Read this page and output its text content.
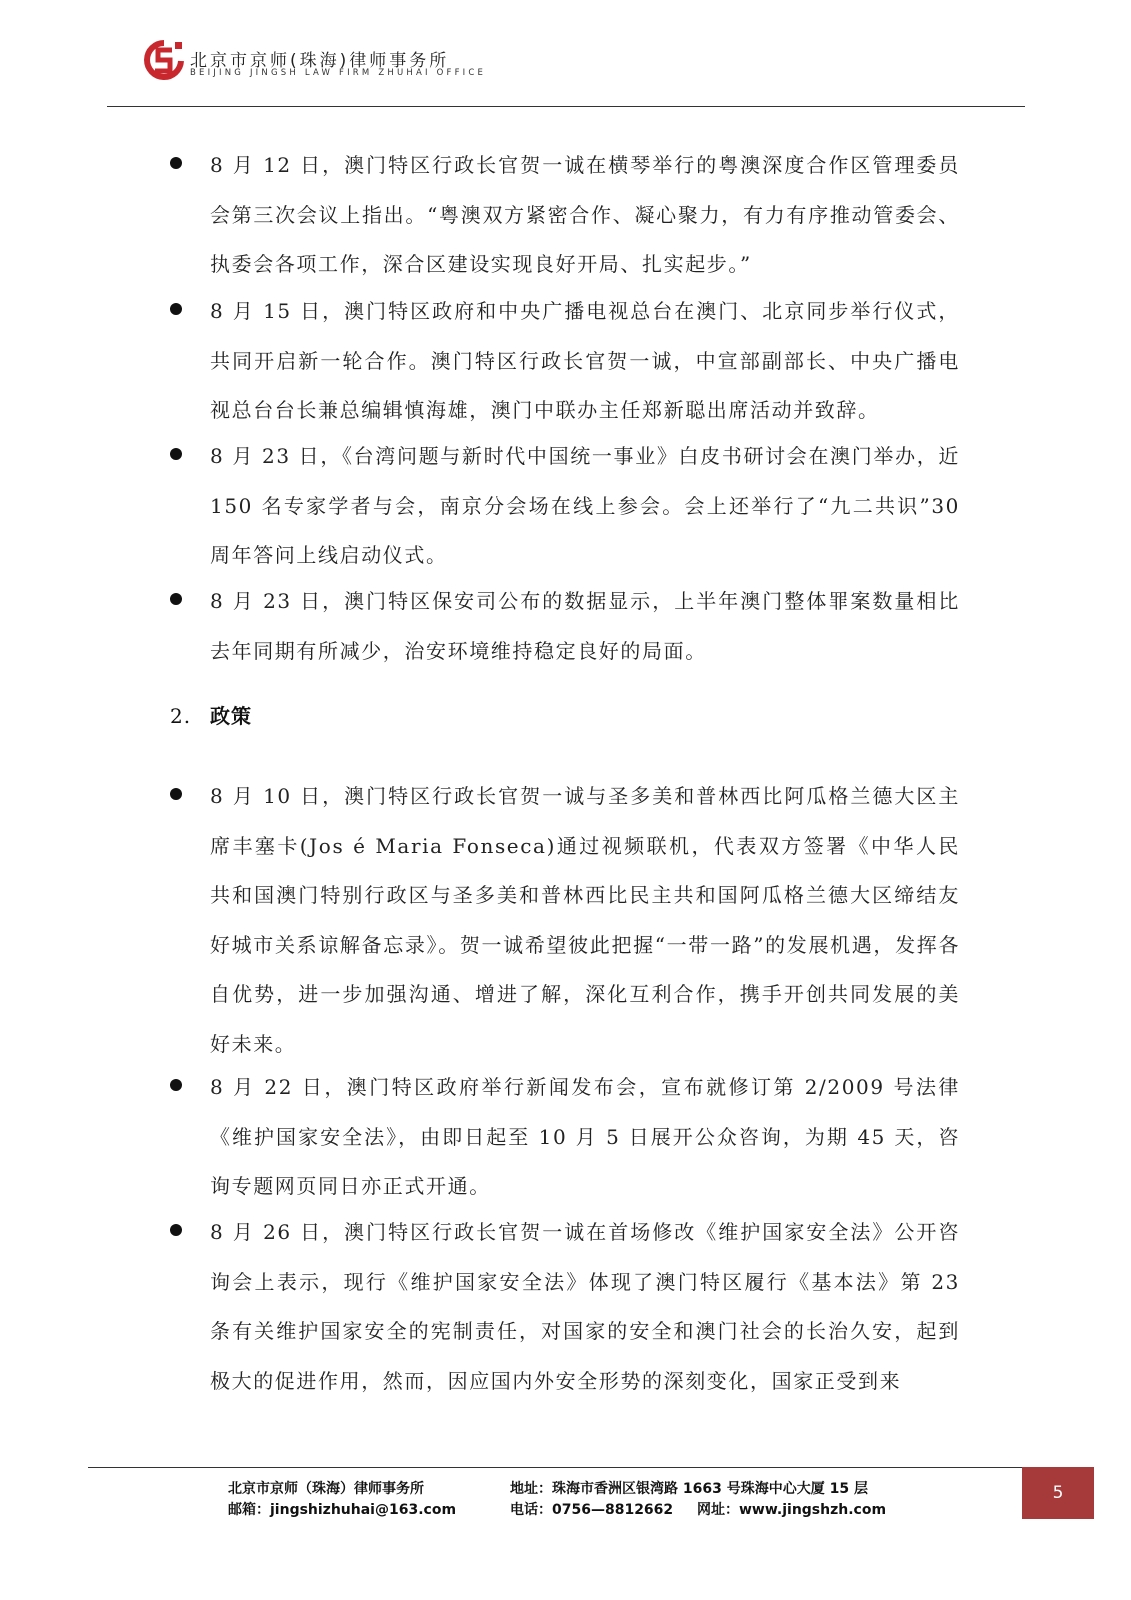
北京市京师(珠海)律师事务所
BEIJING JINGSH LAW FIRM ZHUHAI OFFICE
8 月 12 日，澳门特区行政长官贺一诚在横琴举行的粤澳深度合作区管理委员会第三次会议上指出。“粤澳双方紧密合作、凝心聚力，有力有序推动管委会、执委会各项工作，深合区建设实现良好开局、扎实起步。”
8 月 15 日，澳门特区政府和中央广播电视总台在澳门、北京同步举行仪式，共同开启新一轮合作。澳门特区行政长官贺一诚，中宣部副部长、中央广播电视总台台长兼总编辑慎海雄，澳门中联办主任郑新聪出席活动并致辞。
8 月 23 日，《台湾问题与新时代中国统一事业》白皮书研讨会在澳门举办，近 150 名专家学者与会，南京分会场在线上参会。会上还举行了“九二共识”30 周年答问上线启动仪式。
8 月 23 日，澳门特区保安司公布的数据显示，上半年澳门整体罪案数量相比去年同期有所减少，治安环境维持稳定良好的局面。
2. 政策
8 月 10 日，澳门特区行政长官贺一诚与圣多美和普林西比阿瓜格兰德大区主席丰塞卡(Jos é Maria Fonseca)通过视频联机，代表双方签署《中华人民共和国澳门特别行政区与圣多美和普林西比民主共和国阿瓜格兰德大区缔结友好城市关系谅解备忘录》。贺一诚希望彼此把握“一带一路”的发展机遇，发挥各自优势，进一步加强沟通、增进了解，深化互利合作，携手开创共同发展的美好未来。
8 月 22 日，澳门特区政府举行新闻发布会，宣布就修订第 2/2009 号法律《维护国家安全法》，由即日起至 10 月 5 日展开公众咨询，为期 45 天，咨询专题网页同日亦正式开通。
8 月 26 日，澳门特区行政长官贺一诚在首场修改《维护国家安全法》公开咨询会上表示，现行《维护国家安全法》体现了澳门特区履行《基本法》第 23 条有关维护国家安全的宪制责任，对国家的安全和澳门社会的长治久安，起到极大的促进作用，然而，因应国内外安全形势的深刻变化，国家正受到来
北京市京师（珠海）律师事务所
邮箱：jingshizhuhai@163.com
地址：珠海市香洲区银湾路 1663 号珠海中心大厦 15 层
电话：0756—8812662 网址：www.jingshzh.com
5
